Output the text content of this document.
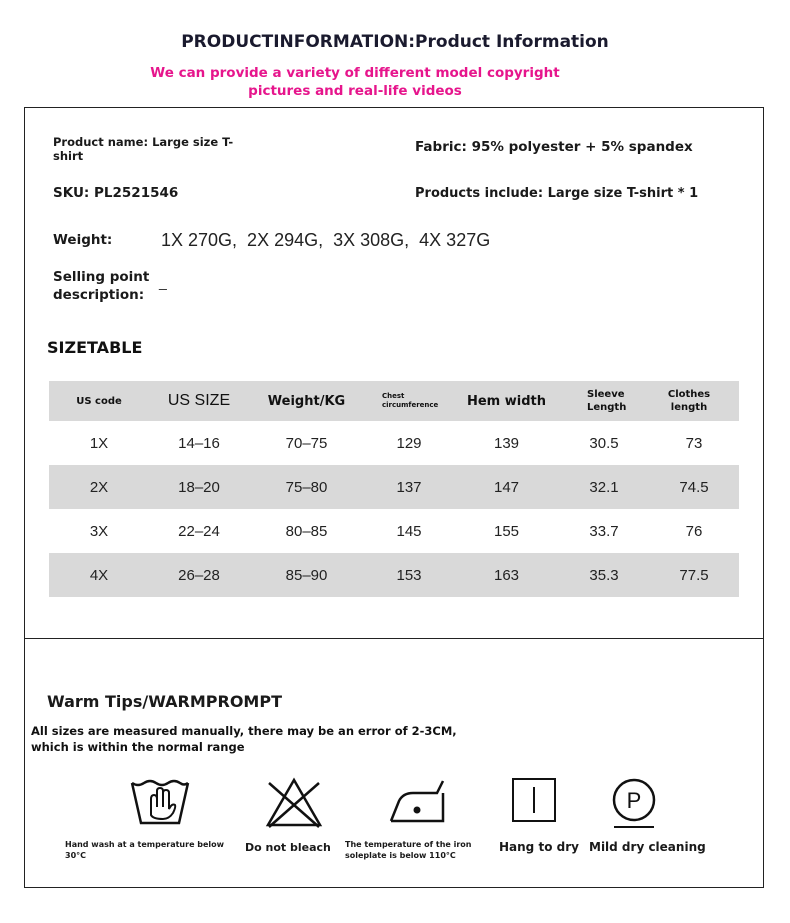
PRODUCTINFORMATION:Product Information
We can provide a variety of different model copyright pictures and real-life videos
Product name: Large size T-shirt
Fabric: 95% polyester + 5% spandex
SKU: PL2521546	Products include: Large size T-shirt * 1
Weight:	1X 270G,  2X 294G,  3X 308G,  4X 327G
Selling point description:
_
SIZETABLE
US code	US SIZE	Weight/KG	Chest circumference	Hem width	Sleeve Length	Clothes length
1X	14–16	70–75	129	139	30.5	73
2X	18–20	75–80	137	147	32.1	74.5
3X	22–24	80–85	145	155	33.7	76
4X	26–28	85–90	153	163	35.3	77.5
Warm Tips/WARMPROMPT
All sizes are measured manually, there may be an error of 2-3CM, which is within the normal range
Hand wash at a temperature below 30°C
Do not bleach The temperature of the iron soleplate is below 110°C
Hang to dry
P
Mild dry cleaning
